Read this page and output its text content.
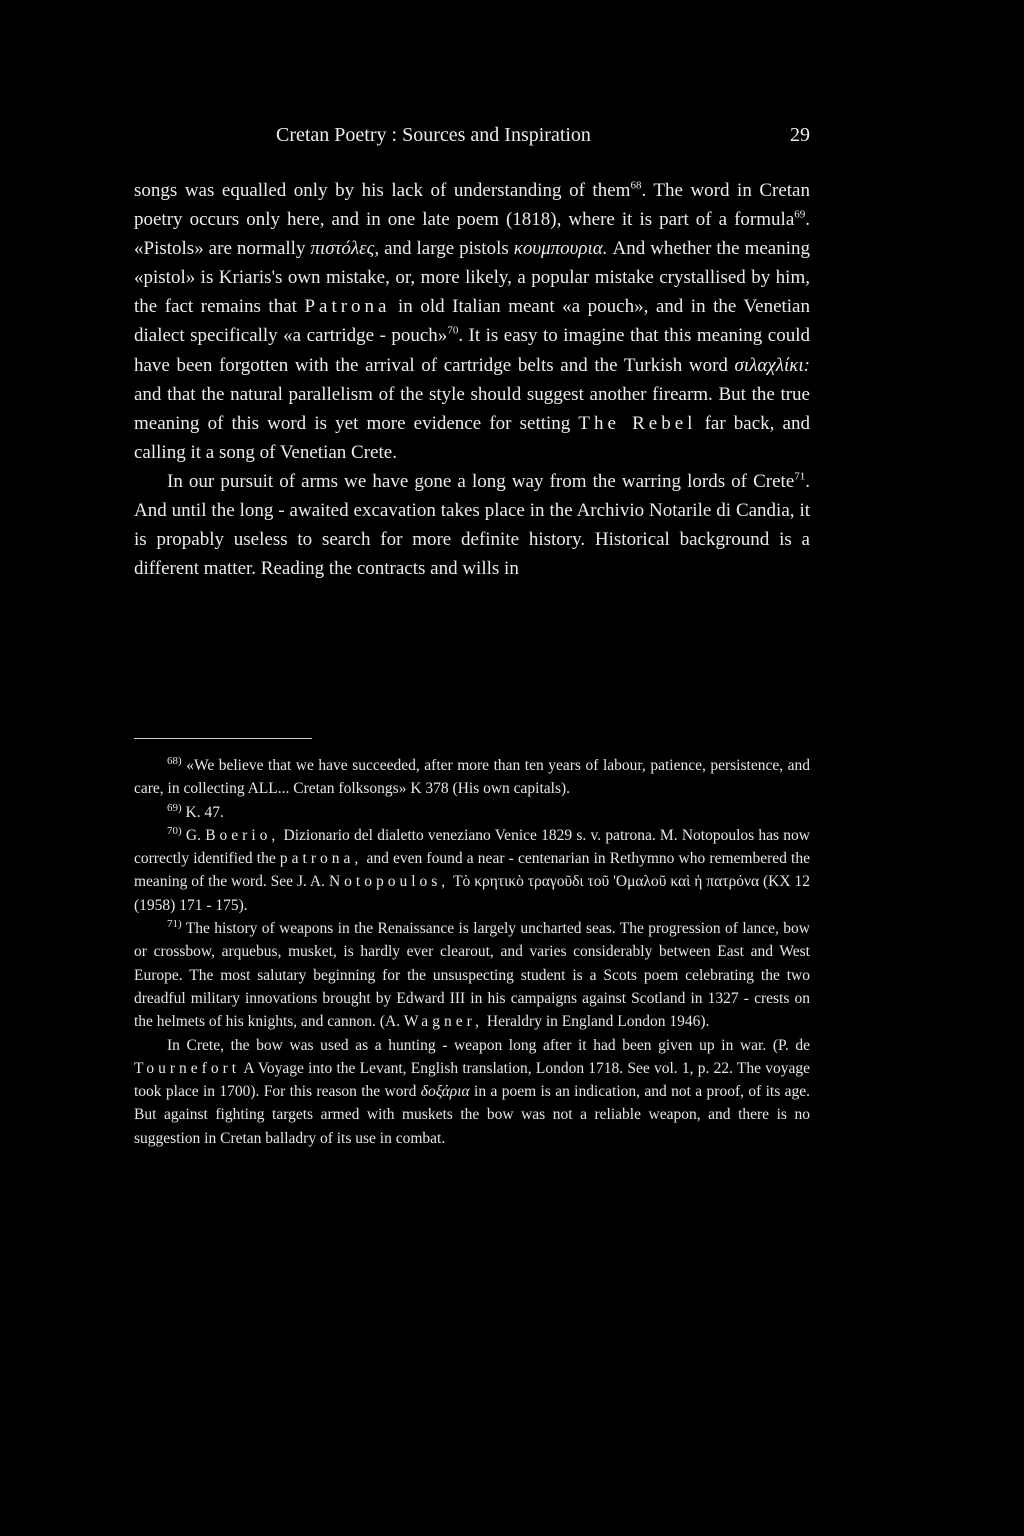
Cretan Poetry : Sources and Inspiration	29

songs was equalled only by his lack of understanding of them$^{68}$. The word in Cretan poetry occurs only here, and in one late poem (1818), where it is part of a formula$^{69}$. «Pistols» are normally πιστόλες, and large pistols κουμπουρια. And whether the meaning «pistol» is Kriaris's own mistake, or, more likely, a popular mistake crystallised by him, the fact remains that Patrona in old Italian meant «a pouch», and in the Venetian dialect specifically «a cartridge - pouch»$^{70}$. It is easy to imagine that this meaning could have been forgotten with the arrival of cartridge belts and the Turkish word σιλαχλίκι: and that the natural parallelism of the style should suggest another firearm. But the true meaning of this word is yet more evidence for setting The Rebel far back, and calling it a song of Venetian Crete.

In our pursuit of arms we have gone a long way from the warring lords of Crete$^{71}$. And until the long - awaited excavation takes place in the Archivio Notarile di Candia, it is propably useless to search for more definite history. Historical background is a different matter. Reading the contracts and wills in

$^{68)}$ «We believe that we have succeeded, after more than ten years of labour, patience, persistence, and care, in collecting ALL... Cretan folksongs» K 378 (His own capitals).

$^{69)}$ K. 47.

$^{70)}$ G. Boerio, Dizionario del dialetto veneziano Venice 1829 s. v. patrona. M. Notopoulos has now correctly identified the patrona, and even found a near - centenarian in Rethymno who remembered the meaning of the word. See J. A. Notopoulos, Τὸ κρητικὸ τραγοῦδι τοῦ 'Ομαλοῦ καὶ ἡ πατρόνα (KX 12 (1958) 171 - 175).

$^{71)}$ The history of weapons in the Renaissance is largely uncharted seas. The progression of lance, bow or crossbow, arquebus, musket, is hardly ever clearout, and varies considerably between East and West Europe. The most salutary beginning for the unsuspecting student is a Scots poem celebrating the two dreadful military innovations brought by Edward III in his campaigns against Scotland in 1327 - crests on the helmets of his knights, and cannon. (A. Wagner, Heraldry in England London 1946).

In Crete, the bow was used as a hunting - weapon long after it had been given up in war. (P. de Tournefort A Voyage into the Levant, English translation, London 1718. See vol. 1, p. 22. The voyage took place in 1700). For this reason the word δοξάρια in a poem is an indication, and not a proof, of its age. But against fighting targets armed with muskets the bow was not a reliable weapon, and there is no suggestion in Cretan balladry of its use in combat.
